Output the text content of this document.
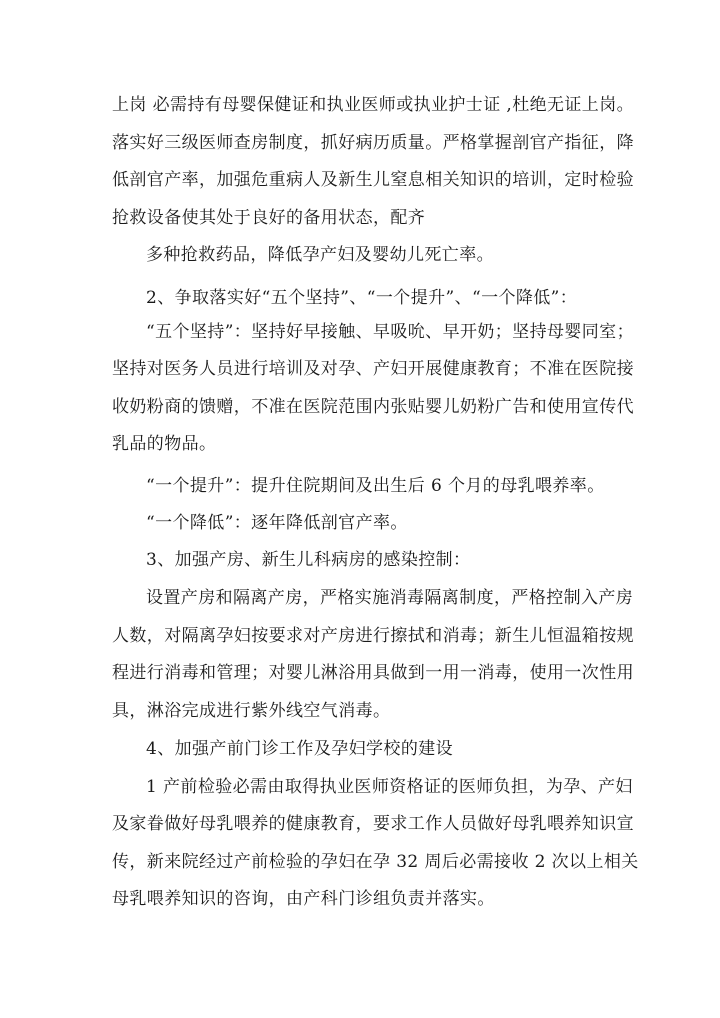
上岗 必需持有母婴保健证和执业医师或执业护士证 ,杜绝无证上岗。
落实好三级医师查房制度，抓好病历质量。严格掌握剖官产指征，降
低剖官产率，加强危重病人及新生儿窒息相关知识的培训，定时检验
抢救设备使其处于良好的备用状态，配齐
多种抢救药品，降低孕产妇及婴幼儿死亡率。
2、争取落实好“五个坚持”、“一个提升”、“一个降低”：
“五个坚持”：坚持好早接触、早吸吮、早开奶；坚持母婴同室；
坚持对医务人员进行培训及对孕、产妇开展健康教育；不准在医院接
收奶粉商的馈赠，不准在医院范围内张贴婴儿奶粉广告和使用宣传代
乳品的物品。
“一个提升”：提升住院期间及出生后 6 个月的母乳喂养率。
“一个降低”：逐年降低剖官产率。
3、加强产房、新生儿科病房的感染控制：
设置产房和隔离产房，严格实施消毒隔离制度，严格控制入产房
人数，对隔离孕妇按要求对产房进行擦拭和消毒；新生儿恒温箱按规
程进行消毒和管理；对婴儿淋浴用具做到一用一消毒，使用一次性用
具，淋浴完成进行紫外线空气消毒。
4、加强产前门诊工作及孕妇学校的建设
1 产前检验必需由取得执业医师资格证的医师负担，为孕、产妇
及家眷做好母乳喂养的健康教育，要求工作人员做好母乳喂养知识宣
传，新来院经过产前检验的孕妇在孕 32 周后必需接收 2 次以上相关
母乳喂养知识的咨询，由产科门诊组负责并落实。
